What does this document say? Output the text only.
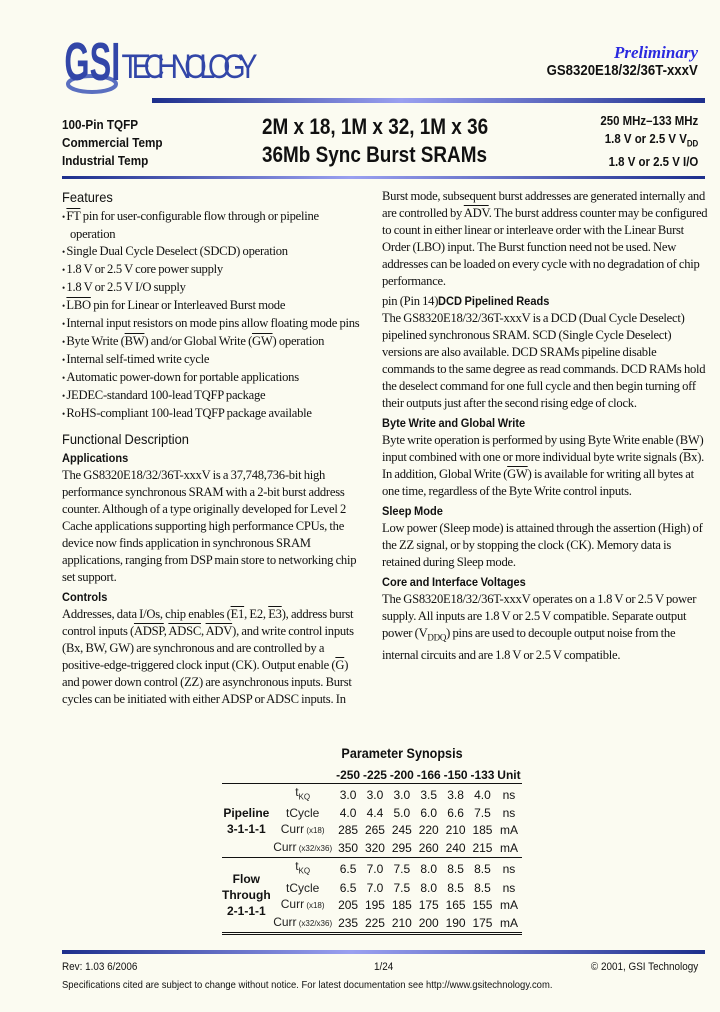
GSI TECHNOLOGY	Preliminary
GS8320E18/32/36T-xxxV
100-Pin TQFP
Commercial Temp
Industrial Temp
2M x 18, 1M x 32, 1M x 36
36Mb Sync Burst SRAMs
250 MHz–133 MHz
1.8 V or 2.5 V $V_{DD}$
1.8 V or 2.5 V I/O
Features
• $\overline{FT}$ pin for user-configurable flow through or pipeline operation
• Single Dual Cycle Deselect (SDCD) operation
• 1.8 V or 2.5 V core power supply
• 1.8 V or 2.5 V I/O supply
• $\overline{LBO}$ pin for Linear or Interleaved Burst mode
• Internal input resistors on mode pins allow floating mode pins
• Byte Write $(\overline{BW})$ and/or Global Write $(\overline{GW})$ operation
• Internal self-timed write cycle
• Automatic power-down for portable applications
• JEDEC-standard 100-lead TQFP package
• RoHS-compliant 100-lead TQFP package available
Functional Description
Applications
The GS8320E18/32/36T-xxxV is a 37,748,736-bit high performance synchronous SRAM with a 2-bit burst address counter. Although of a type originally developed for Level 2 Cache applications supporting high performance CPUs, the device now finds application in synchronous SRAM applications, ranging from DSP main store to networking chip set support.
Controls
Addresses, data I/Os, chip enables (E1, E2, E3), address burst control inputs (ADSP, ADSC, $\overline{ADV}$), and write control inputs (Bx, BW, GW) are synchronous and are controlled by a positive-edge-triggered clock input (CK). Output enable $(\overline{G})$ and power down control (ZZ) are asynchronous inputs. Burst cycles can be initiated with either ADSP or ADSC inputs. In
Burst mode, subsequent burst addresses are generated internally and are controlled by $\overline{ADV}$. The burst address counter may be configured to count in either linear or interleave order with the Linear Burst Order (LBO) input. The Burst function need not be used. New addresses can be loaded on every cycle with no degradation of chip performance.
pin (Pin 14)DCD Pipelined Reads
The GS8320E18/32/36T-xxxV is a DCD (Dual Cycle Deselect) pipelined synchronous SRAM. SCD (Single Cycle Deselect) versions are also available. DCD SRAMs pipeline disable commands to the same degree as read commands. DCD RAMs hold the deselect command for one full cycle and then begin turning off their outputs just after the second rising edge of clock.
Byte Write and Global Write
Byte write operation is performed by using Byte Write enable (BW) input combined with one or more individual byte write signals $(\overline{Bx})$. In addition, Global Write $(\overline{GW})$ is available for writing all bytes at one time, regardless of the Byte Write control inputs.
Sleep Mode
Low power (Sleep mode) is attained through the assertion (High) of the ZZ signal, or by stopping the clock (CK). Memory data is retained during Sleep mode.
Core and Interface Voltages
The GS8320E18/32/36T-xxxV operates on a 1.8 V or 2.5 V power supply. All inputs are 1.8 V or 2.5 V compatible. Separate output power $(V_{DDQ})$ pins are used to decouple output noise from the internal circuits and are 1.8 V or 2.5 V compatible.
Parameter Synopsis
		-250	-225	-200	-166	-150	-133	Unit

Pipeline
3-1-1-1	$t_{KQ}$	3.0	3.0	3.0	3.5	3.8	4.0	ns
	tCycle	4.0	4.4	5.0	6.0	6.6	7.5	ns
	Curr (x18)	285	265	245	220	210	185	mA
	Curr (x32/x36)	350	320	295	260	240	215	mA

Flow
Through
2-1-1-1	$t_{KQ}$	6.5	7.0	7.5	8.0	8.5	8.5	ns
	tCycle	6.5	7.0	7.5	8.0	8.5	8.5	ns
	Curr (x18)	205	195	185	175	165	155	mA
	Curr (x32/x36)	235	225	210	200	190	175	mA
Rev: 1.03 6/2006	1/24	© 2001, GSI Technology
Specifications cited are subject to change without notice. For latest documentation see http://www.gsitechnology.com.
